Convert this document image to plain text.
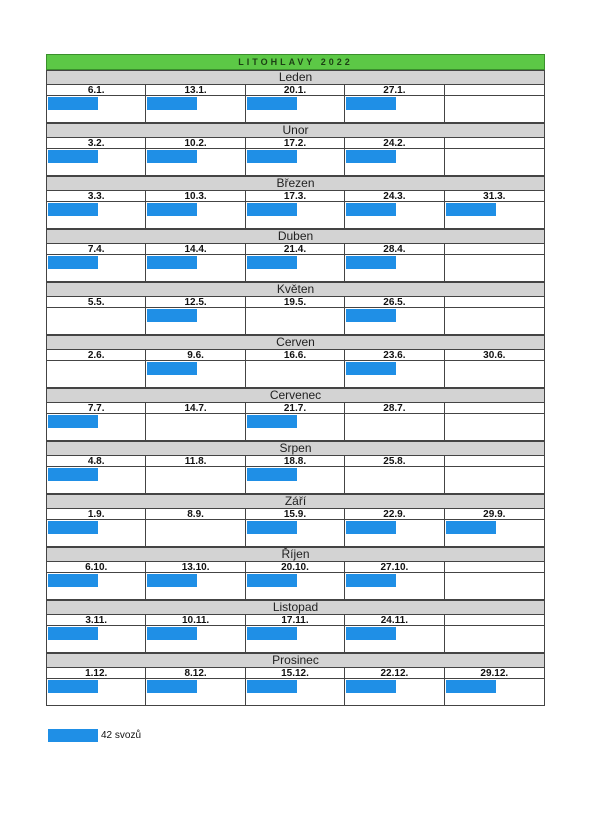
LITOHLAVY 2022
Leden
6.1.	13.1.	20.1.	27.1.
Unor
3.2.	10.2.	17.2.	24.2.
Březen
3.3.	10.3.	17.3.	24.3.	31.3.
Duben
7.4.	14.4.	21.4.	28.4.
Květen
5.5.	12.5.	19.5.	26.5.
Cerven
2.6.	9.6.	16.6.	23.6.	30.6.
Cervenec
7.7.	14.7.	21.7.	28.7.
Srpen
4.8.	11.8.	18.8.	25.8.
Září
1.9.	8.9.	15.9.	22.9.	29.9.
Říjen
6.10.	13.10.	20.10.	27.10.
Listopad
3.11.	10.11.	17.11.	24.11.
Prosinec
1.12.	8.12.	15.12.	22.12.	29.12.
42 svozů
